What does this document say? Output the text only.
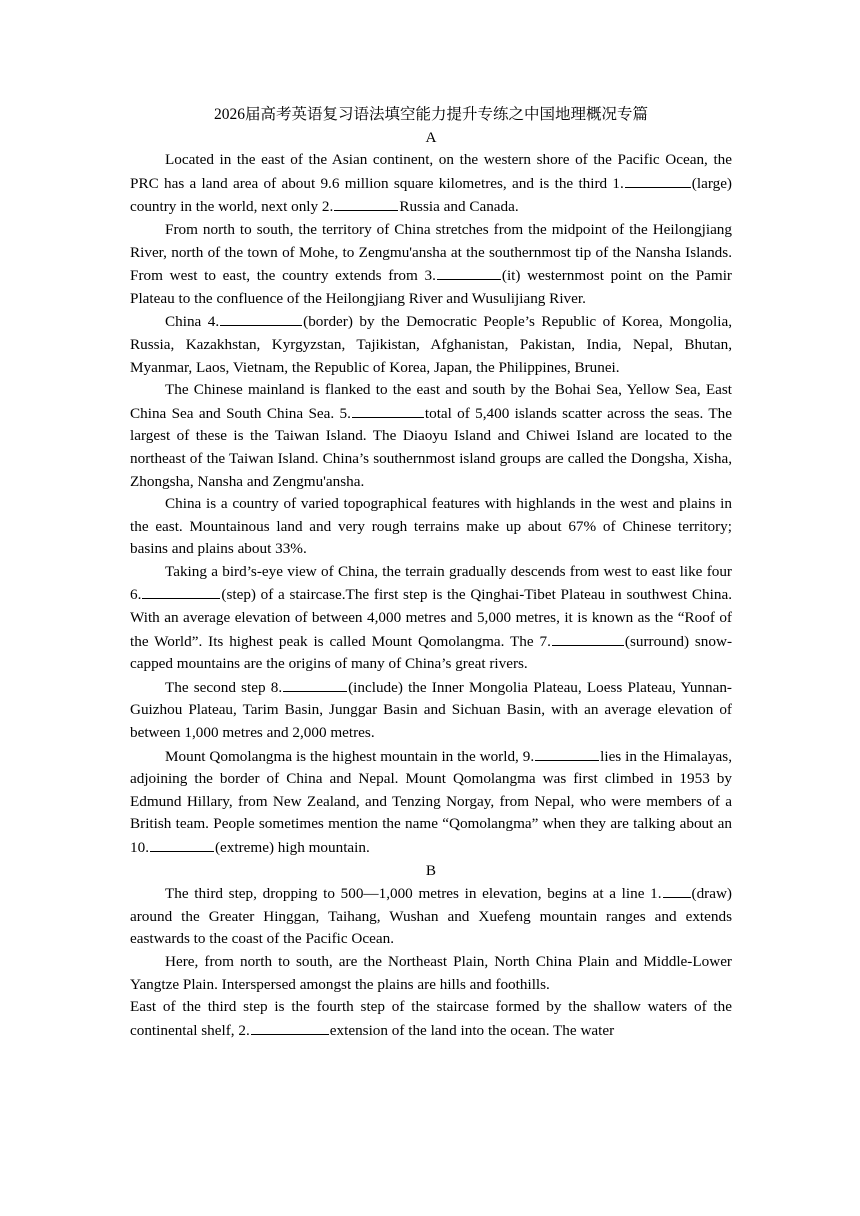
2026届高考英语复习语法填空能力提升专练之中国地理概况专篇

A

Located in the east of the Asian continent, on the western shore of the Pacific Ocean, the PRC has a land area of about 9.6 million square kilometres, and is the third 1.	(large) country in the world, next only 2.	Russia and Canada.

From north to south, the territory of China stretches from the midpoint of the Heilongjiang River, north of the town of Mohe, to Zengmu'ansha at the southernmost tip of the Nansha Islands. From west to east, the country extends from 3.	(it) westernmost point on the Pamir Plateau to the confluence of the Heilongjiang River and Wusulijiang River.

China 4.	(border) by the Democratic People’s Republic of Korea, Mongolia, Russia, Kazakhstan, Kyrgyzstan, Tajikistan, Afghanistan, Pakistan, India, Nepal, Bhutan, Myanmar, Laos, Vietnam, the Republic of Korea, Japan, the Philippines, Brunei.

The Chinese mainland is flanked to the east and south by the Bohai Sea, Yellow Sea, East China Sea and South China Sea. 5.	total of 5,400 islands scatter across the seas. The largest of these is the Taiwan Island. The Diaoyu Island and Chiwei Island are located to the northeast of the Taiwan Island. China’s southernmost island groups are called the Dongsha, Xisha, Zhongsha, Nansha and Zengmu'ansha.

China is a country of varied topographical features with highlands in the west and plains in the east. Mountainous land and very rough terrains make up about 67% of Chinese territory; basins and plains about 33%.

Taking a bird’s-eye view of China, the terrain gradually descends from west to east like four 6.	(step) of a staircase.The first step is the Qinghai-Tibet Plateau in southwest China. With an average elevation of between 4,000 metres and 5,000 metres, it is known as the “Roof of the World”. Its highest peak is called Mount Qomolangma. The 7.	(surround) snow-capped mountains are the origins of many of China’s great rivers.

The second step 8.	(include) the Inner Mongolia Plateau, Loess Plateau, Yunnan-Guizhou Plateau, Tarim Basin, Junggar Basin and Sichuan Basin, with an average elevation of between 1,000 metres and 2,000 metres.

Mount Qomolangma is the highest mountain in the world, 9.	lies in the Himalayas, adjoining the border of China and Nepal. Mount Qomolangma was first climbed in 1953 by Edmund Hillary, from New Zealand, and Tenzing Norgay, from Nepal, who were members of a British team. People sometimes mention the name “Qomolangma” when they are talking about an 10.	(extreme) high mountain.

B

The third step, dropping to 500—1,000 metres in elevation, begins at a line 1. (draw) around the Greater Hinggan, Taihang, Wushan and Xuefeng mountain ranges and extends eastwards to the coast of the Pacific Ocean.

Here, from north to south, are the Northeast Plain, North China Plain and Middle-Lower Yangtze Plain. Interspersed amongst the plains are hills and foothills.

East of the third step is the fourth step of the staircase formed by the shallow waters of the continental shelf, 2.	extension of the land into the ocean. The water
